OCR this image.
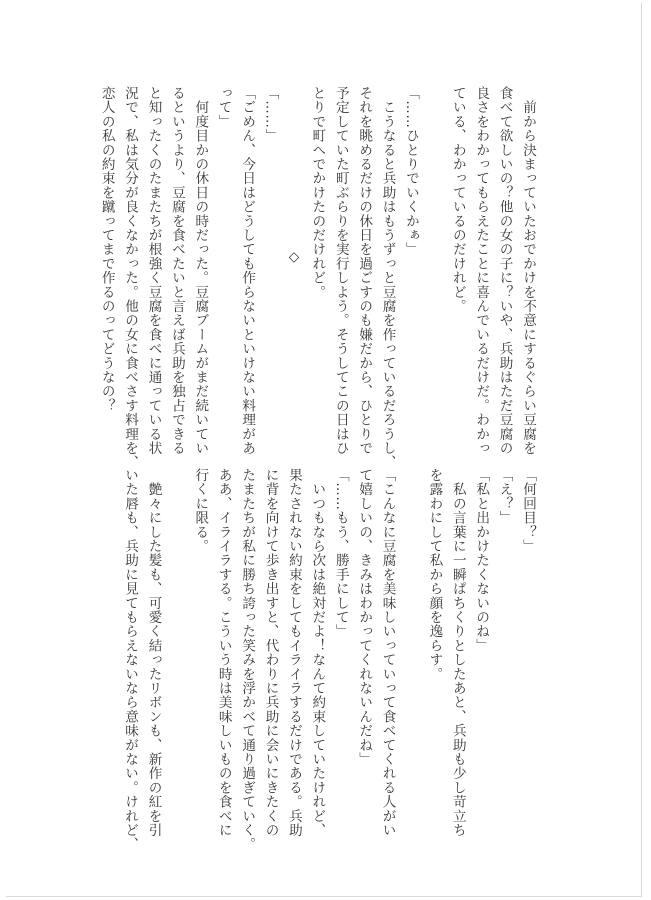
　前から決まっていたおでかけを不意にするぐらい豆腐を
食べて欲しいの？他の女の子に？いや、兵助はただ豆腐の
良さをわかってもらえたことに喜んでいるだけだ。わかっ
ている、わかっているのだけれど。

「……ひとりでいくかぁ」
　こうなると兵助はもうずっと豆腐を作っているだろうし、
それを眺めるだけの休日を過ごすのも嫌だから、ひとりで
予定していた町ぶらりを実行しよう。そうしてこの日はひ
とりで町へでかけたのだけれど。
◇
「……」
「ごめん、今日はどうしても作らないといけない料理があ
って」
　何度目かの休日の時だった。豆腐ブームがまだ続いてい
るというより、豆腐を食べたいと言えば兵助を独占できる
と知ったくのたまたちが根強く豆腐を食べに通っている状
況で、私は気分が良くなかった。他の女に食べさす料理を、
恋人の私の約束を蹴ってまで作るのってどうなの？
「何回目？」
「え？」
「私と出かけたくないのね」
　私の言葉に一瞬ぱちくりとしたあと、兵助も少し苛立ち
を露わにして私から顔を逸らす。

「こんなに豆腐を美味しいっていって食べてくれる人がい
て嬉しいの、きみはわかってくれないんだね」
「……もう、勝手にして」
　いつもなら次は絶対だよ！なんて約束していたけれど、
果たされない約束をしてもイライラするだけである。兵助
に背を向けて歩き出すと、代わりに兵助に会いにきたくの
たまたちが私に勝ち誇った笑みを浮かべて通り過ぎていく。
ああ、イライラする。こういう時は美味しいものを食べに
行くに限る。

　艶々にした髪も、可愛く結ったリボンも、新作の紅を引
いた唇も、兵助に見てもらえないなら意味がない。けれど、
